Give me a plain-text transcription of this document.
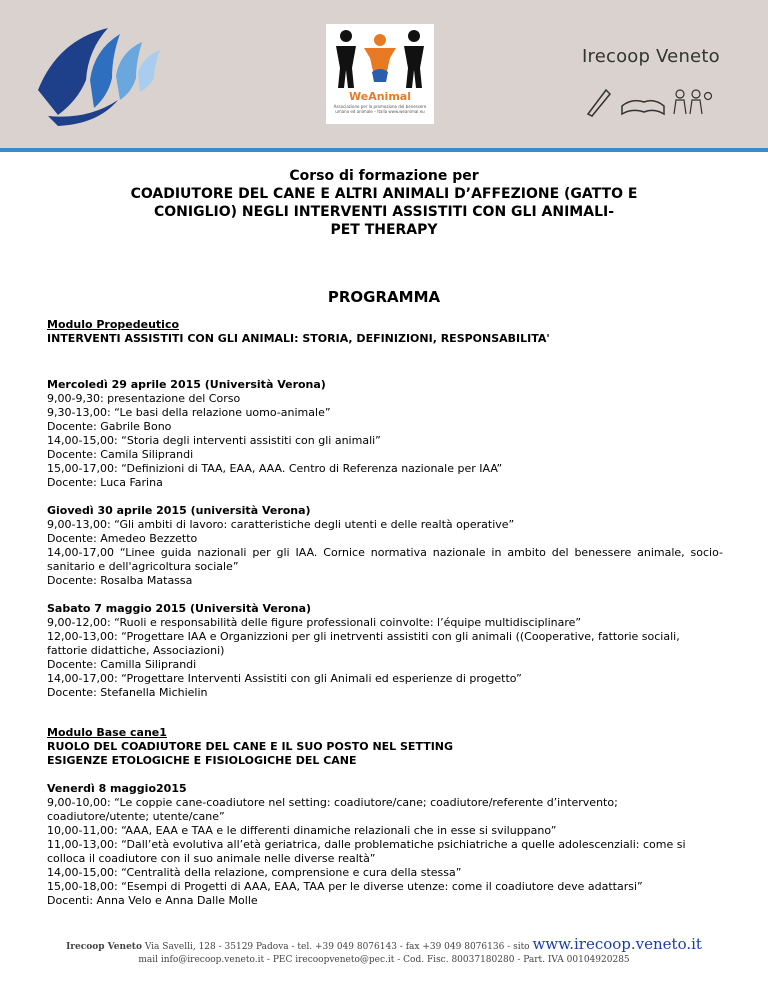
WeAnimal
Associazione per la promozione del benessere umano ed animale – Italia www.weanimal.eu
Irecoop Veneto
Corso di formazione per
COADIUTORE DEL CANE E ALTRI ANIMALI D’AFFEZIONE (GATTO E
CONIGLIO) NEGLI INTERVENTI ASSISTITI CON GLI ANIMALI-
PET THERAPY
PROGRAMMA

Modulo Propedeutico

INTERVENTI ASSISTITI CON GLI ANIMALI: STORIA, DEFINIZIONI, RESPONSABILITA'

Mercoledì 29 aprile 2015 (Università Verona)

9,00-9,30: presentazione del Corso

9,30-13,00: “Le basi della relazione uomo-animale”

Docente: Gabrile Bono

14,00-15,00: “Storia degli interventi assistiti con gli animali”

Docente: Camila Siliprandi

15,00-17,00: “Definizioni di TAA, EAA, AAA. Centro di Referenza nazionale per IAA”

Docente: Luca Farina

Giovedì 30 aprile 2015 (università Verona)

9,00-13,00: “Gli ambiti di lavoro: caratteristiche degli utenti e delle realtà operative”

Docente: Amedeo Bezzetto

14,00-17,00 “Linee guida nazionali per gli IAA. Cornice normativa nazionale in ambito del benessere animale, socio-sanitario e dell'agricoltura sociale”

Docente: Rosalba Matassa

Sabato 7 maggio 2015 (Università Verona)

9,00-12,00: “Ruoli e responsabilità delle figure professionali coinvolte: l’équipe multidisciplinare”

12,00-13,00: “Progettare IAA e Organizzioni per gli inetrventi assistiti con gli animali ((Cooperative, fattorie sociali, fattorie didattiche, Associazioni)

Docente: Camilla Siliprandi

14,00-17,00: “Progettare Interventi Assistiti con gli Animali ed esperienze di progetto”

Docente: Stefanella Michielin

Modulo Base cane1

RUOLO DEL COADIUTORE DEL CANE E IL SUO POSTO NEL SETTING

ESIGENZE ETOLOGICHE E FISIOLOGICHE DEL CANE

Venerdì 8 maggio2015

9,00-10,00: “Le coppie cane-coadiutore nel setting: coadiutore/cane; coadiutore/referente d’intervento; coadiutore/utente; utente/cane”

10,00-11,00: “AAA, EAA e TAA e le differenti dinamiche relazionali che in esse si sviluppano”

11,00-13,00: “Dall’età evolutiva all’età geriatrica, dalle problematiche psichiatriche a quelle adolescenziali: come si colloca il coadiutore con il suo animale nelle diverse realtà”

14,00-15,00: “Centralità della relazione, comprensione e cura della stessa”

15,00-18,00: “Esempi di Progetti di AAA, EAA, TAA per le diverse utenze: come il coadiutore deve adattarsi”

Docenti: Anna Velo e Anna Dalle Molle

Irecoop Veneto Via Savelli, 128 - 35129 Padova - tel. +39 049 8076143 - fax +39 049 8076136 - sito www.irecoop.veneto.it
mail info@irecoop.veneto.it - PEC irecoopveneto@pec.it - Cod. Fisc. 80037180280 - Part. IVA 00104920285
